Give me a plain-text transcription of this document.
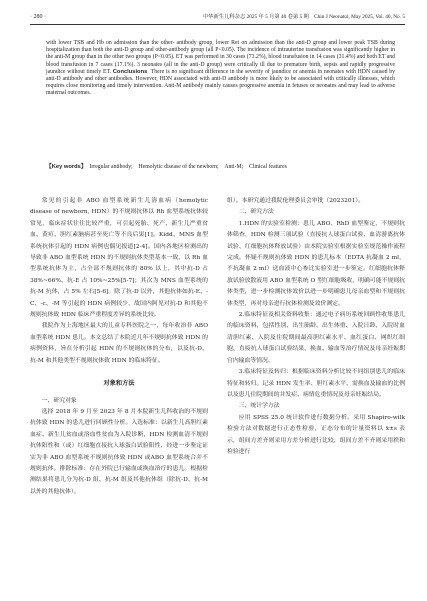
· 280 ·	中华新生儿科杂志 2025 年 5 月第 40 卷第 5 期　Chin J Neonatol, May 2025, Vol. 40, No. 5

with lower TSB and Hb on admission than the other- antibody group, lower Ret on admission than the anti-D group and lower peak TSB during hospitalization than both the anti-D group and other-antibody group (all P<0.05). The incidence of intrauterine transfusion was significantly higher in the anti-M group than in the other two groups (P<0.05). ET was performed in 30 cases (73.2%), blood transfusion in 14 cases (31.4%) and both ET and blood transfusion in 7 cases (17.1%). 3 neonates (all in the anti-D group) were critically ill due to premature birth, sepsis and rapidly progressive jaundice without timely ET. Conclusions There is no significant difference in the severity of jaundice or anemia in neonates with HDN caused by anti-D antibody and other antibodies. However, HDN associated with anti-D antibody is more likely to be associated with critically illnesses, which requires close monitoring and timely intervention. Anti-M antibody mainly causes progressive anemia in fetuses or neonates and may lead to adverse maternal outcomes.

【Key words】 Irregular antibody;　Hemolytic disease of the newborn;　Anti-M;　Clinical features

常见的引起非 ABO 血型系统新生儿溶血病（hemolytic disease of newborn, HDN）的不规则抗体以 Rh 血型系统抗体较常见，临床症状往往比较严重，可引起死胎、死产、新生儿严重贫血、黄疸、胆红素脑病甚至死亡等不良后果[1]。Kidd、MNS 血型系统抗体引起的 HDN 病例也偶见报道[2-4]。国内各地区检测出的导致非 ABO 血型系统 HDN 的不规则抗体类型基本一致，以 Rh 血型系统抗体为主，占全部不规则抗体的 80% 以上，其中抗-D 占 38%~66%、抗-E 占 10%~25%[5-7]；其次为 MNS 血型系统的抗-M 抗体，占 5% 左右[5-6]。除了抗-D 以外，其他抗体如抗-E、-C、-c、-M 等引起的 HDN 病例较少，故国内阿见对抗-D 和其他不规则抗体致 HDN 临床严重程度差异的系统比较。

我院作为上海地区最大的儿童专科医院之一，每年收治非 ABO 血型系统 HDN 患儿。本文总结了本院近几年不规则抗体致 HDN 的病例资料，旨在分析引起 HDN 的不规则抗体的分布，以及抗-D、抗-M 和其他类型不规则抗体致 HDN 的临床特征。

对象和方法

一、研究对象

选择 2018 年 9 月至 2023 年 8 月本院新生儿科收治的不规则抗体致 HDN 的患儿进行回顾性分析。入选标准：以新生儿高胆红素血症、新生儿贫血或溶血性贫血为入院诊断，HDN 检测血清不规则抗体阳性和（或）红细胞直接抗人球蛋白试验阳性，经进一步鉴定证实为非 ABO 血型系统不规则抗体致 HDN 或ABO 血型系统合并不规则抗体。排除标准：存在外院已行输血或换血治疗的患儿。根据检测结果将患儿分为抗-D 组、抗-M 组及其他抗体组（除抗-D、抗-M 以外的其他抗体）。

组）。本研究通过我院伦理委员会审批（2023201）。

二、研究方法

1.HDN 的实验室检测：患儿 ABO、RhD 血型鉴定，不规则抗体筛查，HDN 检测三项试验（直接抗人球蛋白试验、血清游离抗体试验、红细胞抗体释放试验）由本院实验室根据实验室规范操作流程完成。怀疑不规则抗体致 HDN 的患儿标本（EDTA 抗凝血 2 ml，不抗凝血 2 ml）送血液中心参比实验室进一步鉴定。红细胞抗体释放试验放散液用 ABO 血型系统 O 型红细胞吸收，明确可能不规则抗体类型，进一步检测抗体效价以进一步明确患儿母亲血型和不规则抗体类型，再对母亲进行抗体检测及效价测定。

2.临床特征及相关资料收集：通过电子病历系统回顾性收集患儿的临床资料，包括性别、出生胎龄、出生体重、入院日龄、入院时血清胆红素、入院及住院期间最高胆红素水平、血红蛋白、网织红细胞、直接抗人球蛋白试验结果、换血、输血等治疗情况及母亲妊娠期宫内输血等情况。

3.临床特征及转归：根据临床资料分析比较不同组别患儿的临床特征和转归。记录 HDN 发生率、胆红素水平、需换血及输血的比例以及患儿住院期间的并发症、病情危重情况及母亲妊娠结局。

三、统计学方法

应用 SPSS 25.0 统计软件进行数据分析。采用 Shapiro-wilk 检验方法对数据进行正态性检验，正态分布的计量资料以 x̄±s 表示，组间方差齐则采用方差分析进行比较，组间方差不齐则采用秩和检验进行
